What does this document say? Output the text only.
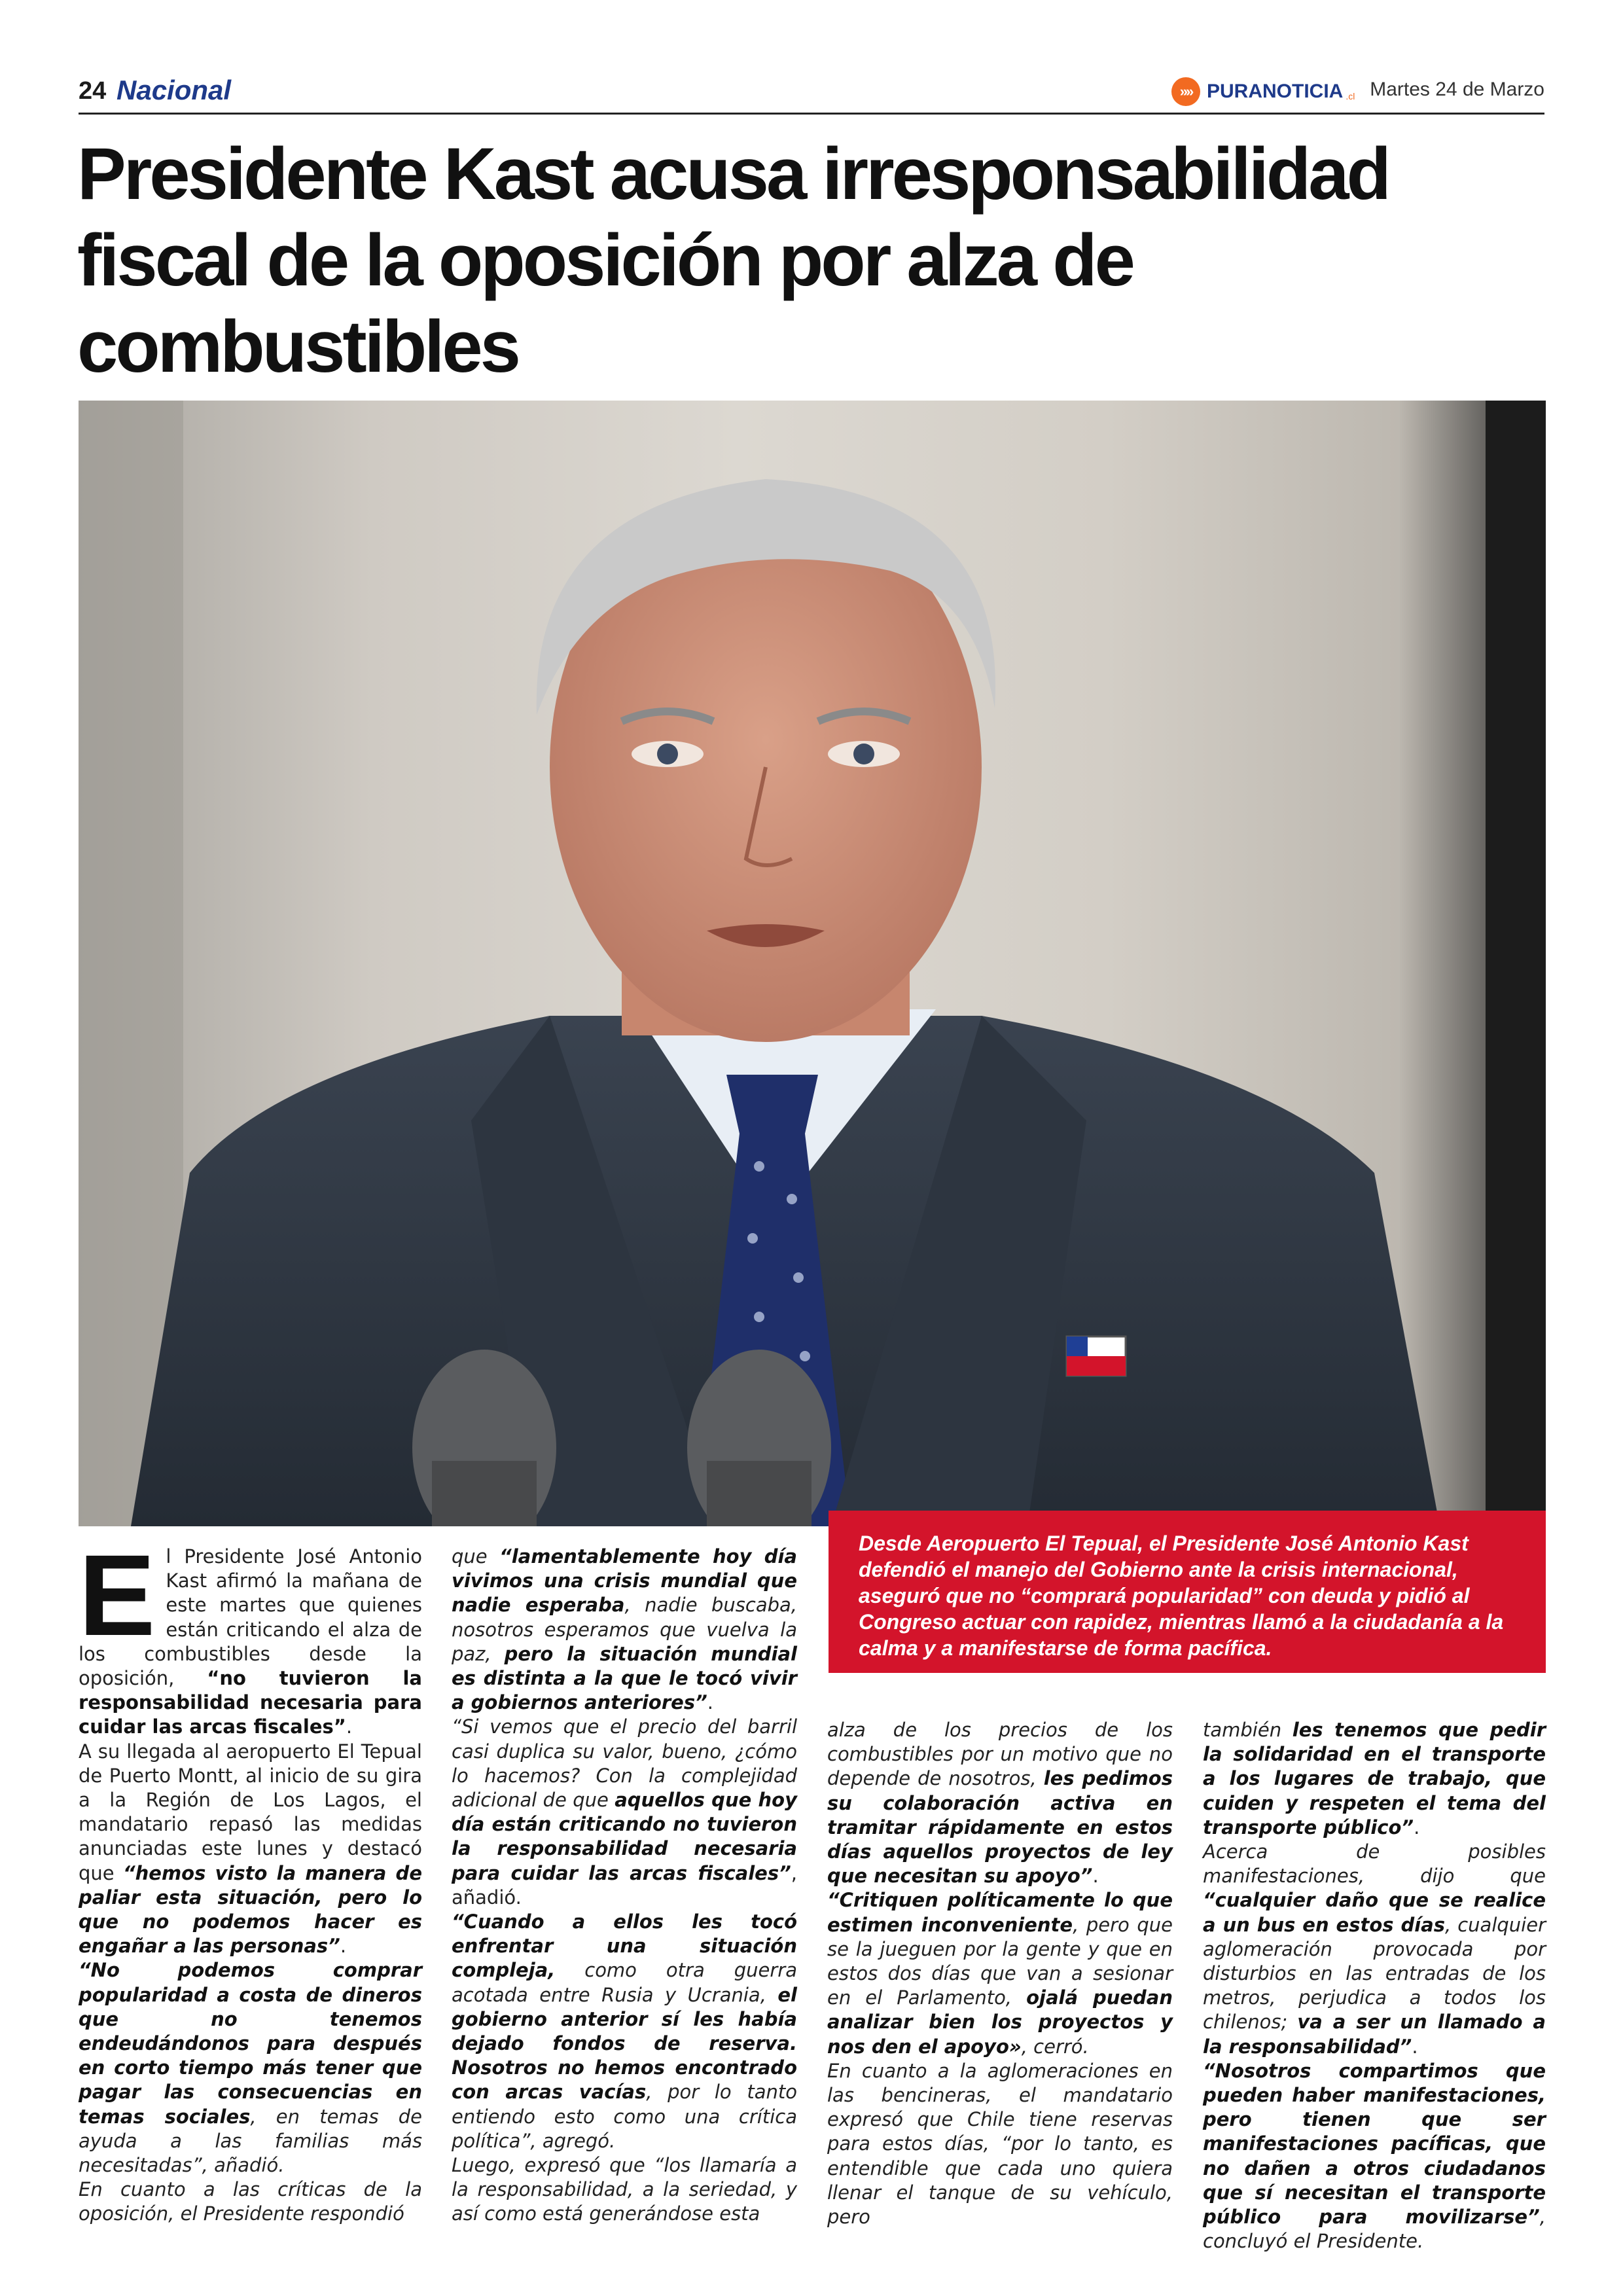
24 Nacional	»» PURANOTICIA .cl Martes 24 de Marzo
Presidente Kast acusa irresponsabilidad fiscal de la oposición por alza de combustibles
Desde Aeropuerto El Tepual, el Presidente José Antonio Kast defendió el manejo del Gobierno ante la crisis internacional, aseguró que no “comprará popularidad” con deuda y pidió al Congreso actuar con rapidez, mientras llamó a la ciudadanía a la calma y a manifestarse de forma pacífica.
E l Presidente José Antonio Kast afirmó la mañana de este martes que quienes están criticando el alza de los combustibles desde la oposición, “no tuvieron la responsabilidad necesaria para cuidar las arcas fiscales”.

A su llegada al aeropuerto El Tepual de Puerto Montt, al inicio de su gira a la Región de Los Lagos, el mandatario repasó las medidas anunciadas este lunes y destacó que “hemos visto la manera de paliar esta situación, pero lo que no podemos hacer es engañar a las personas”.

“No podemos comprar popularidad a costa de dineros que no tenemos endeudándonos para después en corto tiempo más tener que pagar las consecuencias en temas sociales, en temas de ayuda a las familias más necesitadas”, añadió.

En cuanto a las críticas de la oposición, el Presidente respondió

que “lamentablemente hoy día vivimos una crisis mundial que nadie esperaba, nadie buscaba, nosotros esperamos que vuelva la paz, pero la situación mundial es distinta a la que le tocó vivir a gobiernos anteriores”.

“Si vemos que el precio del barril casi duplica su valor, bueno, ¿cómo lo hacemos? Con la complejidad adicional de que aquellos que hoy día están criticando no tuvieron la responsabilidad necesaria para cuidar las arcas fiscales”, añadió.

“Cuando a ellos les tocó enfrentar una situación compleja, como otra guerra acotada entre Rusia y Ucrania, el gobierno anterior sí les había dejado fondos de reserva. Nosotros no hemos encontrado con arcas vacías, por lo tanto entiendo esto como una crítica política”, agregó.

Luego, expresó que “los llamaría a la responsabilidad, a la seriedad, y así como está generándose esta

alza de los precios de los combustibles por un motivo que no depende de nosotros, les pedimos su colaboración activa en tramitar rápidamente en estos días aquellos proyectos de ley que necesitan su apoyo”.

“Critiquen políticamente lo que estimen inconveniente, pero que se la jueguen por la gente y que en estos dos días que van a sesionar en el Parlamento, ojalá puedan analizar bien los proyectos y nos den el apoyo», cerró.

En cuanto a la aglomeraciones en las bencineras, el mandatario expresó que Chile tiene reservas para estos días, “por lo tanto, es entendible que cada uno quiera llenar el tanque de su vehículo, pero

también les tenemos que pedir la solidaridad en el transporte a los lugares de trabajo, que cuiden y respeten el tema del transporte público”.

Acerca de posibles manifestaciones, dijo que “cualquier daño que se realice a un bus en estos días, cualquier aglomeración provocada por disturbios en las entradas de los metros, perjudica a todos los chilenos; va a ser un llamado a la responsabilidad”.

“Nosotros compartimos que pueden haber manifestaciones, pero tienen que ser manifestaciones pacíficas, que no dañen a otros ciudadanos que sí necesitan el transporte público para movilizarse”, concluyó el Presidente.
